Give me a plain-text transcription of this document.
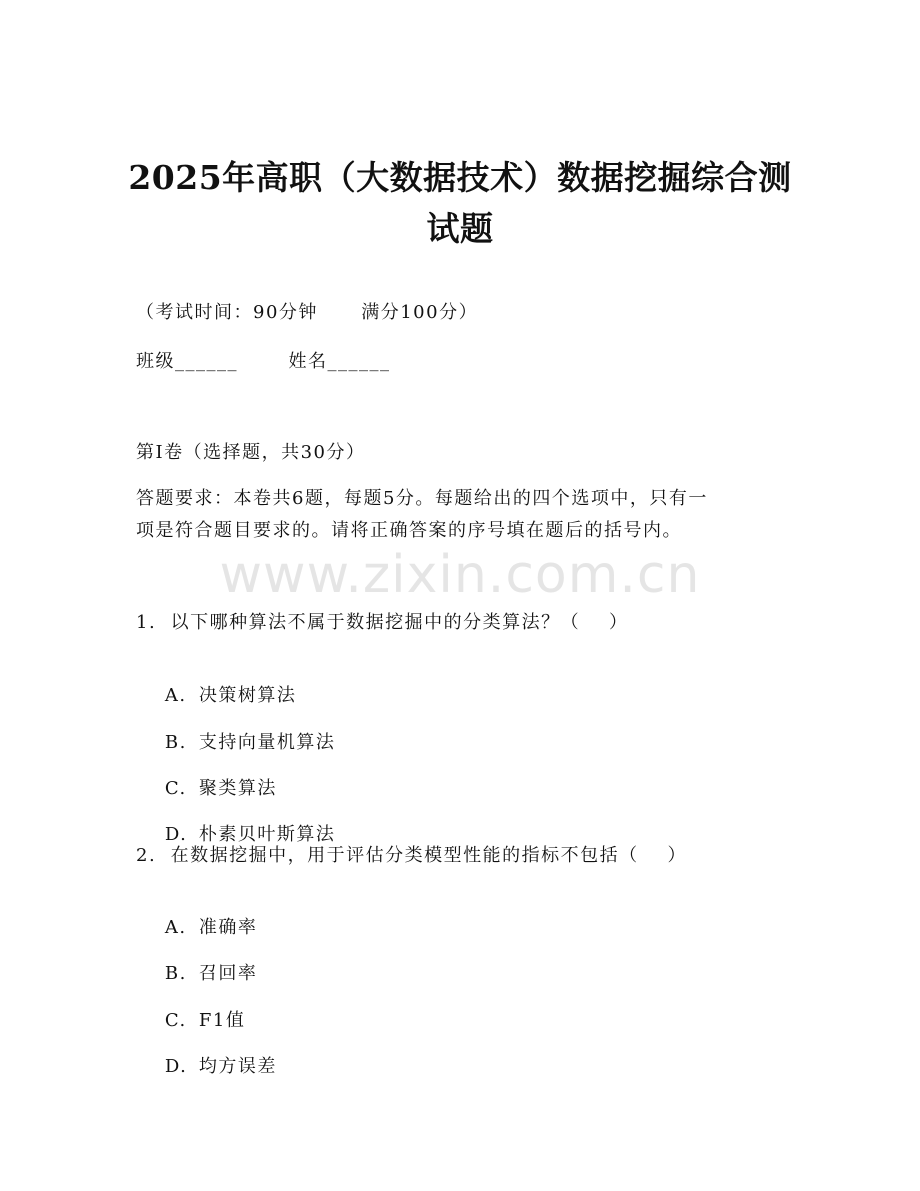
2025年高职（大数据技术）数据挖掘综合测
试题
（考试时间：90分钟      满分100分）
班级______       姓名______
第I卷（选择题，共30分）
答题要求：本卷共6题，每题5分。每题给出的四个选项中，只有一
项是符合题目要求的。请将正确答案的序号填在题后的括号内。
www.zixin.com.cn
1.  以下哪种算法不属于数据挖掘中的分类算法？（    ）

A. 决策树算法

B. 支持向量机算法

C. 聚类算法

D. 朴素贝叶斯算法

2.  在数据挖掘中，用于评估分类模型性能的指标不包括（    ）

A. 准确率

B. 召回率

C. F1值

D. 均方误差
